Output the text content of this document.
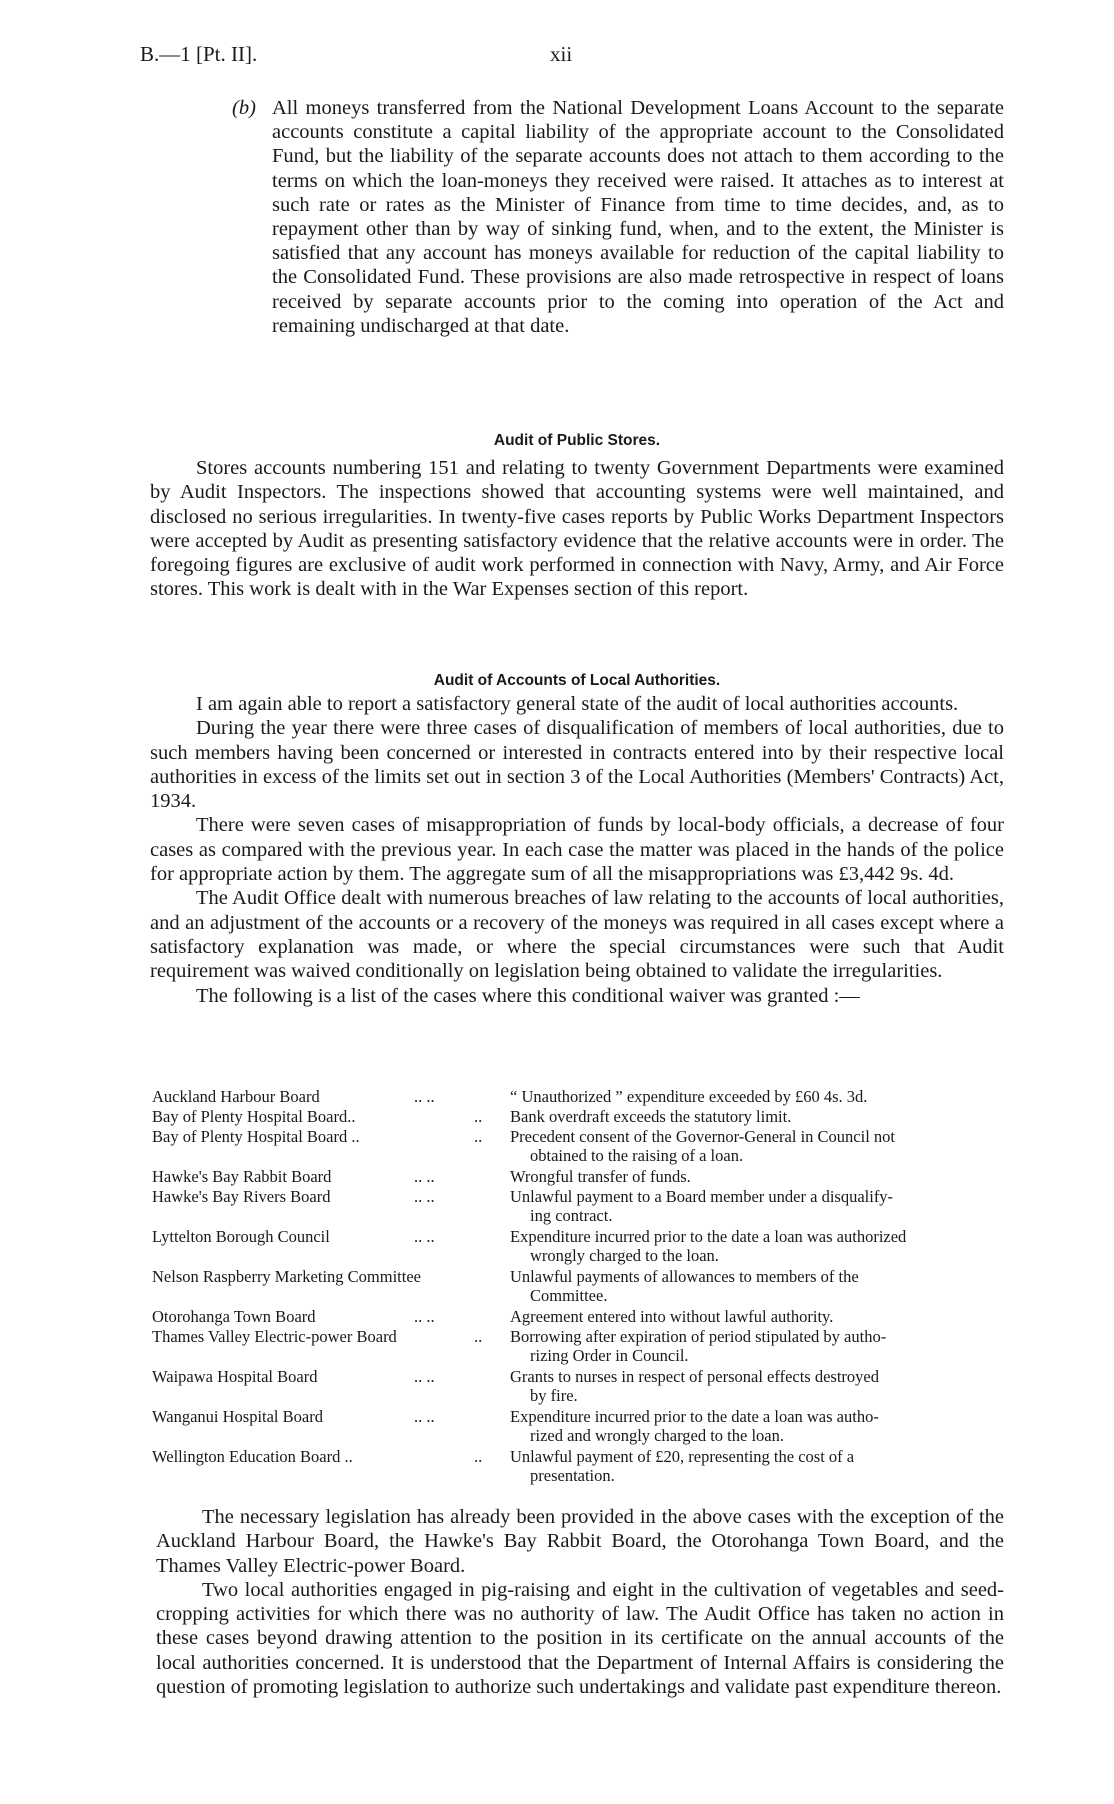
B.—1 [Pt. II].	xii
(b) All moneys transferred from the National Development Loans Account to the separate accounts constitute a capital liability of the appropriate account to the Consolidated Fund, but the liability of the separate accounts does not attach to them according to the terms on which the loan-moneys they received were raised. It attaches as to interest at such rate or rates as the Minister of Finance from time to time decides, and, as to repayment other than by way of sinking fund, when, and to the extent, the Minister is satisfied that any account has moneys available for reduction of the capital liability to the Consolidated Fund. These provisions are also made retrospective in respect of loans received by separate accounts prior to the coming into operation of the Act and remaining undischarged at that date.
Audit of Public Stores.

Stores accounts numbering 151 and relating to twenty Government Departments were examined by Audit Inspectors. The inspections showed that accounting systems were well maintained, and disclosed no serious irregularities. In twenty-five cases reports by Public Works Department Inspectors were accepted by Audit as presenting satisfactory evidence that the relative accounts were in order. The foregoing figures are exclusive of audit work performed in connection with Navy, Army, and Air Force stores. This work is dealt with in the War Expenses section of this report.

Audit of Accounts of Local Authorities.

I am again able to report a satisfactory general state of the audit of local authorities accounts.

During the year there were three cases of disqualification of members of local authorities, due to such members having been concerned or interested in contracts entered into by their respective local authorities in excess of the limits set out in section 3 of the Local Authorities (Members' Contracts) Act, 1934.

There were seven cases of misappropriation of funds by local-body officials, a decrease of four cases as compared with the previous year. In each case the matter was placed in the hands of the police for appropriate action by them. The aggregate sum of all the misappropriations was £3,442 9s. 4d.

The Audit Office dealt with numerous breaches of law relating to the accounts of local authorities, and an adjustment of the accounts or a recovery of the moneys was required in all cases except where a satisfactory explanation was made, or where the special circumstances were such that Audit requirement was waived conditionally on legislation being obtained to validate the irregularities.

The following is a list of the cases where this conditional waiver was granted :—

Auckland Harbour Board	.. ..	“ Unauthorized ” expenditure exceeded by £60 4s. 3d.
Bay of Plenty Hospital Board..	.. Bank overdraft exceeds the statutory limit.
Bay of Plenty Hospital Board ..	.. Precedent consent of the Governor-General in Council not
obtained to the raising of a loan.
Hawke's Bay Rabbit Board	.. ..	Wrongful transfer of funds.
Hawke's Bay Rivers Board	.. ..	Unlawful payment to a Board member under a disqualify-
ing contract.
Lyttelton Borough Council	.. ..	Expenditure incurred prior to the date a loan was authorized
wrongly charged to the loan.
Nelson Raspberry Marketing Committee	Unlawful payments of allowances to members of the
Committee.
Otorohanga Town Board	.. ..	Agreement entered into without lawful authority.
Thames Valley Electric-power Board	.. Borrowing after expiration of period stipulated by autho-
rizing Order in Council.
Waipawa Hospital Board	.. ..	Grants to nurses in respect of personal effects destroyed
by fire.
Wanganui Hospital Board	.. ..	Expenditure incurred prior to the date a loan was autho-
rized and wrongly charged to the loan.
Wellington Education Board ..	.. Unlawful payment of £20, representing the cost of a
presentation.

The necessary legislation has already been provided in the above cases with the exception of the Auckland Harbour Board, the Hawke's Bay Rabbit Board, the Otorohanga Town Board, and the Thames Valley Electric-power Board.

Two local authorities engaged in pig-raising and eight in the cultivation of vegetables and seed-cropping activities for which there was no authority of law. The Audit Office has taken no action in these cases beyond drawing attention to the position in its certificate on the annual accounts of the local authorities concerned. It is understood that the Department of Internal Affairs is considering the question of promoting legislation to authorize such undertakings and validate past expenditure thereon.
